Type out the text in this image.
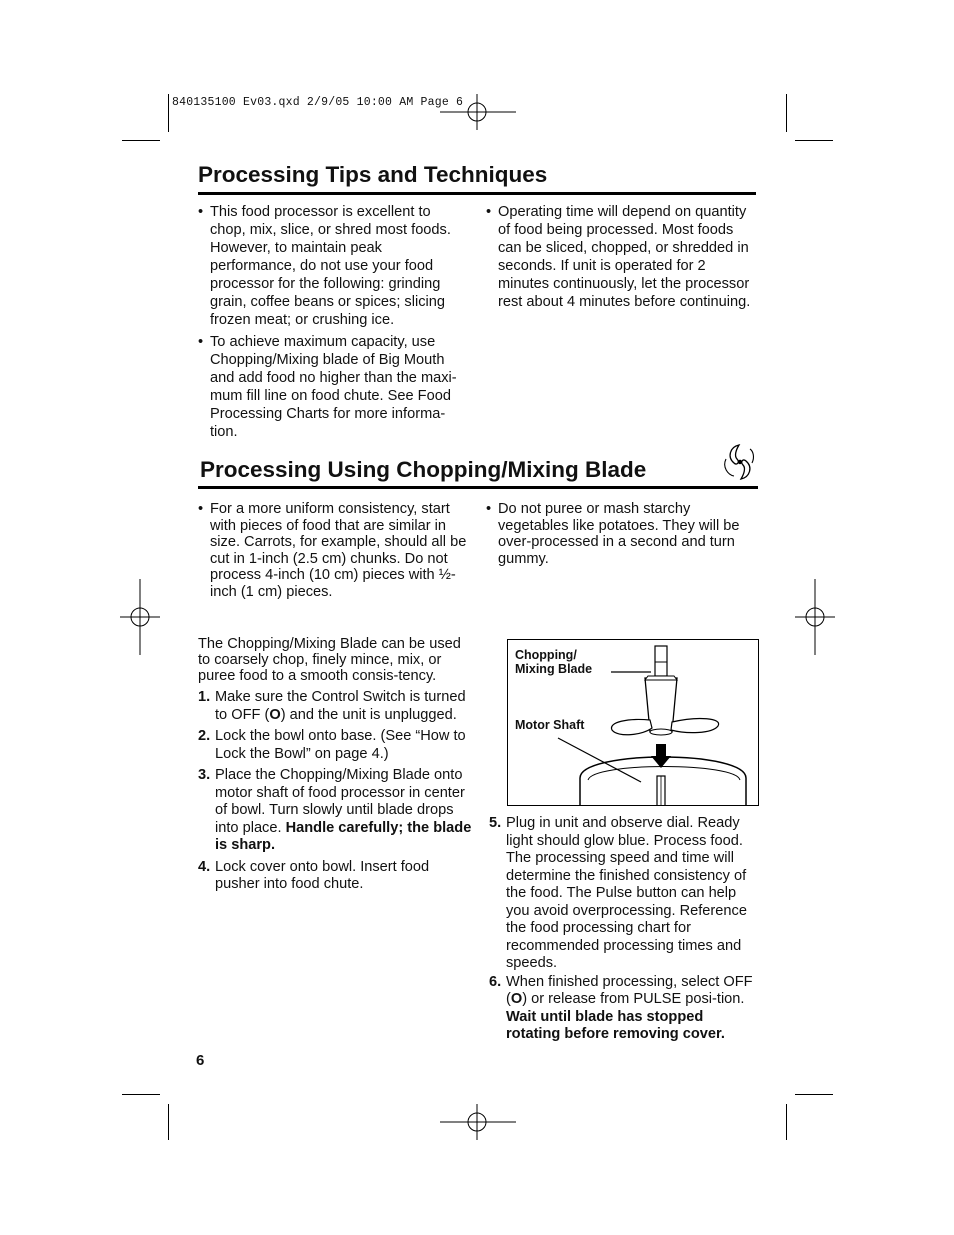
840135100 Ev03.qxd 2/9/05 10:00 AM Page 6
Processing Tips and Techniques

• This food processor is excellent to chop, mix, slice, or shred most foods. However, to maintain peak performance, do not use your food processor for the following: grinding grain, coffee beans or spices; slicing frozen meat; or crushing ice.

• To achieve maximum capacity, use Chopping/Mixing blade of Big Mouth and add food no higher than the maxi-mum fill line on food chute. See Food Processing Charts for more informa-tion.

• Operating time will depend on quantity of food being processed. Most foods can be sliced, chopped, or shredded in seconds. If unit is operated for 2 minutes continuously, let the processor rest about 4 minutes before continuing.

Processing Using Chopping/Mixing Blade

• For a more uniform consistency, start with pieces of food that are similar in size. Carrots, for example, should all be cut in 1-inch (2.5 cm) chunks. Do not process 4-inch (10 cm) pieces with ½-inch (1 cm) pieces.

• Do not puree or mash starchy vegetables like potatoes. They will be over-processed in a second and turn gummy.

The Chopping/Mixing Blade can be used to coarsely chop, finely mince, mix, or puree food to a smooth consis-tency.

1. Make sure the Control Switch is turned to OFF (O) and the unit is unplugged.

2. Lock the bowl onto base. (See “How to Lock the Bowl” on page 4.)

3. Place the Chopping/Mixing Blade onto motor shaft of food processor in center of bowl. Turn slowly until blade drops into place. Handle carefully; the blade is sharp.

4. Lock cover onto bowl. Insert food pusher into food chute.

Chopping/
Mixing Blade
Motor Shaft

5. Plug in unit and observe dial. Ready light should glow blue. Process food. The processing speed and time will determine the finished consistency of the food. The Pulse button can help you avoid overprocessing. Reference the food processing chart for recommended processing times and speeds.

6. When finished processing, select OFF (O) or release from PULSE posi-tion. Wait until blade has stopped rotating before removing cover.

6
